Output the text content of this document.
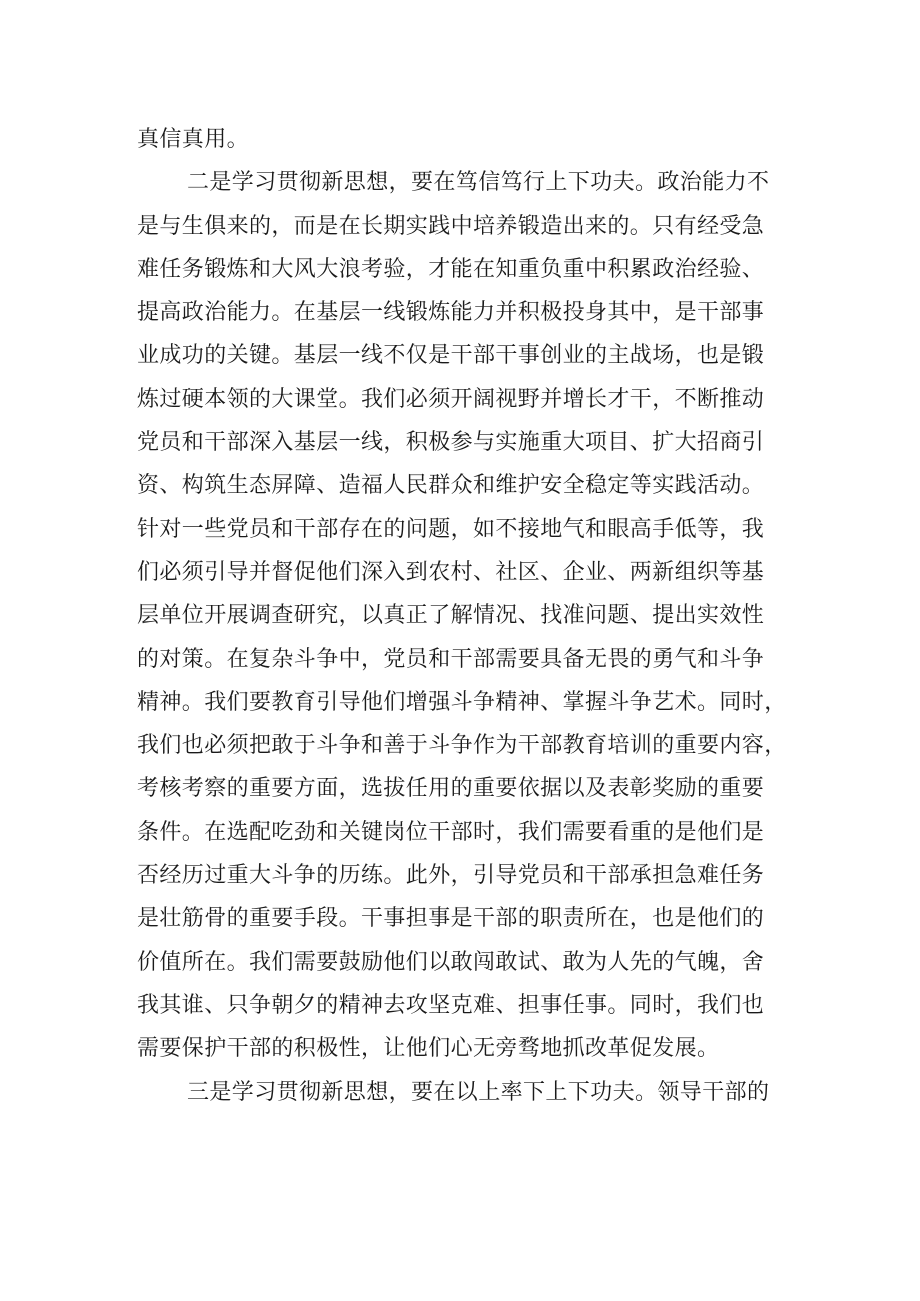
真信真用。
二是学习贯彻新思想，要在笃信笃行上下功夫。政治能力不
是与生俱来的，而是在长期实践中培养锻造出来的。只有经受急
难任务锻炼和大风大浪考验，才能在知重负重中积累政治经验、
提高政治能力。在基层一线锻炼能力并积极投身其中，是干部事
业成功的关键。基层一线不仅是干部干事创业的主战场，也是锻
炼过硬本领的大课堂。我们必须开阔视野并增长才干，不断推动
党员和干部深入基层一线，积极参与实施重大项目、扩大招商引
资、构筑生态屏障、造福人民群众和维护安全稳定等实践活动。
针对一些党员和干部存在的问题，如不接地气和眼高手低等，我
们必须引导并督促他们深入到农村、社区、企业、两新组织等基
层单位开展调查研究，以真正了解情况、找准问题、提出实效性
的对策。在复杂斗争中，党员和干部需要具备无畏的勇气和斗争
精神。我们要教育引导他们增强斗争精神、掌握斗争艺术。同时，
我们也必须把敢于斗争和善于斗争作为干部教育培训的重要内容，
考核考察的重要方面，选拔任用的重要依据以及表彰奖励的重要
条件。在选配吃劲和关键岗位干部时，我们需要看重的是他们是
否经历过重大斗争的历练。此外，引导党员和干部承担急难任务
是壮筋骨的重要手段。干事担事是干部的职责所在，也是他们的
价值所在。我们需要鼓励他们以敢闯敢试、敢为人先的气魄，舍
我其谁、只争朝夕的精神去攻坚克难、担事任事。同时，我们也
需要保护干部的积极性，让他们心无旁骛地抓改革促发展。
三是学习贯彻新思想，要在以上率下上下功夫。领导干部的
